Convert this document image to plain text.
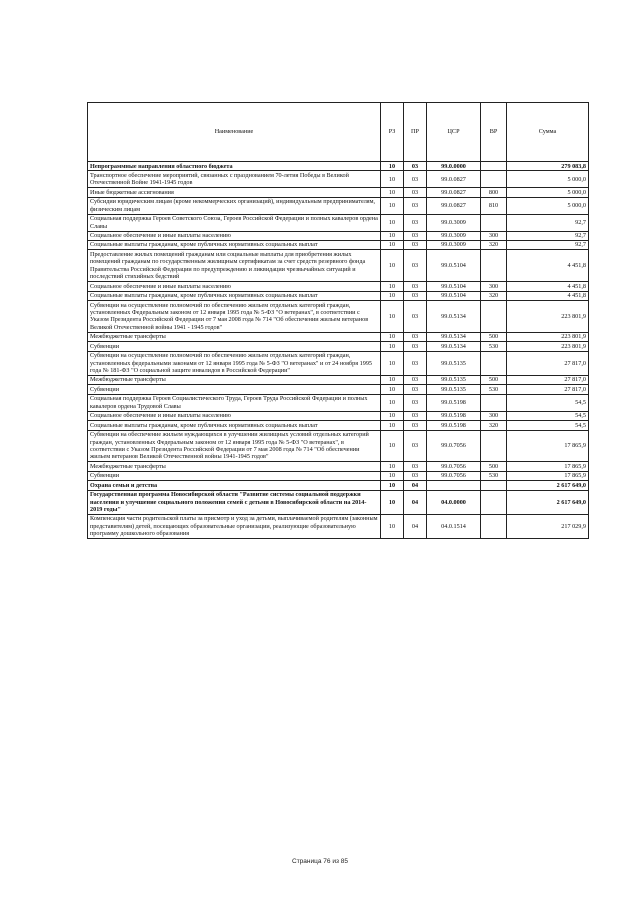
Наименование	РЗ	ПР	ЦСР	ВР	Сумма
Непрограммные направления областного бюджета	10	03	99.0.0000		279 083,8
Транспортное обеспечение мероприятий, связанных с празднованием 70-летия Победы в Великой Отечественной Войне 1941-1945 годов	10	03	99.0.0827		5 000,0
Иные бюджетные ассигнования	10	03	99.0.0827	800	5 000,0
Субсидии юридическим лицам (кроме некоммерческих организаций), индивидуальным предпринимателям, физическим лицам	10	03	99.0.0827	810	5 000,0
Социальная поддержка Героев Советского Союза, Героев Российской Федерации и полных кавалеров ордена Славы	10	03	99.0.3009		92,7
Социальное обеспечение и иные выплаты населению	10	03	99.0.3009	300	92,7
Социальные выплаты гражданам, кроме публичных нормативных социальных выплат	10	03	99.0.3009	320	92,7
Предоставление жилых помещений гражданам или социальные выплаты для приобретения жилых помещений гражданам по государственным жилищным сертификатам за счет средств резервного фонда Правительства Российской Федерации по предупреждению и ликвидации чрезвычайных ситуаций и последствий стихийных бедствий	10	03	99.0.5104		4 451,8
Социальное обеспечение и иные выплаты населению	10	03	99.0.5104	300	4 451,8
Социальные выплаты гражданам, кроме публичных нормативных социальных выплат	10	03	99.0.5104	320	4 451,8
Субвенции на осуществление полномочий по обеспечению жильем отдельных категорий граждан, установленных Федеральным законом от 12 января 1995 года № 5-ФЗ "О ветеранах", в соответствии с Указом Президента Российской Федерации от 7 мая 2008 года № 714 "Об обеспечении жильем ветеранов Великой Отечественной войны 1941 - 1945 годов"	10	03	99.0.5134		223 801,9
Межбюджетные трансферты	10	03	99.0.5134	500	223 801,9
Субвенции	10	03	99.0.5134	530	223 801,9
Субвенции на осуществление полномочий по обеспечению жильем отдельных категорий граждан, установленных федеральными законами от 12 января 1995 года № 5-ФЗ "О ветеранах" и от 24 ноября 1995 года № 181-ФЗ "О социальной защите инвалидов в Российской Федерации"	10	03	99.0.5135		27 817,0
Межбюджетные трансферты	10	03	99.0.5135	500	27 817,0
Субвенции	10	03	99.0.5135	530	27 817,0
Социальная поддержка Героев Социалистического Труда, Героев Труда Российской Федерации и полных кавалеров ордена Трудовой Славы	10	03	99.0.5198		54,5
Социальное обеспечение и иные выплаты населению	10	03	99.0.5198	300	54,5
Социальные выплаты гражданам, кроме публичных нормативных социальных выплат	10	03	99.0.5198	320	54,5
Субвенции на обеспечение жильем нуждающихся в улучшении жилищных условий отдельных категорий граждан, установленных Федеральным законом от 12 января 1995 года № 5-ФЗ "О ветеранах", в соответствии с Указом Президента Российской Федерации от 7 мая 2008 года № 714 "Об обеспечении жильем ветеранов Великой Отечественной войны 1941-1945 годов"	10	03	99.0.7056		17 865,9
Межбюджетные трансферты	10	03	99.0.7056	500	17 865,9
Субвенции	10	03	99.0.7056	530	17 865,9
Охрана семьи и детства	10	04			2 617 649,0
Государственная программа Новосибирской области "Развитие системы социальной поддержки населения и улучшение социального положения семей с детьми в Новосибирской области на 2014-2019 годы"	10	04	04.0.0000		2 617 649,0
Компенсация части родительской платы за присмотр и уход за детьми, выплачиваемой родителям (законным представителям) детей, посещающих образовательные организации, реализующие образовательную программу дошкольного образования	10	04	04.0.1514		217 029,9
Страница 76 из 85
